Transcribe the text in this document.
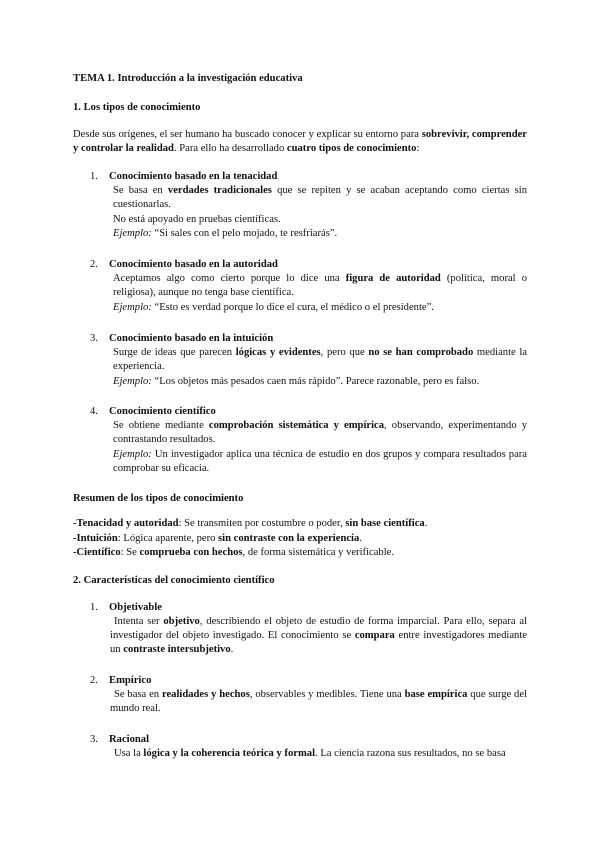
TEMA 1. Introducción a la investigación educativa

1. Los tipos de conocimiento

Desde sus orígenes, el ser humano ha buscado conocer y explicar su entorno para sobrevivir, comprender y controlar la realidad. Para ello ha desarrollado cuatro tipos de conocimiento:

1. Conocimiento basado en la tenacidad
Se basa en verdades tradicionales que se repiten y se acaban aceptando como ciertas sin cuestionarlas.
No está apoyado en pruebas científicas.
Ejemplo: “Si sales con el pelo mojado, te resfriarás”.
2. Conocimiento basado en la autoridad
Aceptamos algo como cierto porque lo dice una figura de autoridad (política, moral o religiosa), aunque no tenga base científica.
Ejemplo: “Esto es verdad porque lo dice el cura, el médico o el presidente”.
3. Conocimiento basado en la intuición
Surge de ideas que parecen lógicas y evidentes, pero que no se han comprobado mediante la experiencia.
Ejemplo: “Los objetos más pesados caen más rápido”. Parece razonable, pero es falso.
4. Conocimiento científico
Se obtiene mediante comprobación sistemática y empírica, observando, experimentando y contrastando resultados.
Ejemplo: Un investigador aplica una técnica de estudio en dos grupos y compara resultados para comprobar su eficacia.

Resumen de los tipos de conocimiento

-Tenacidad y autoridad: Se transmiten por costumbre o poder, sin base científica.
-Intuición: Lógica aparente, pero sin contraste con la experiencia.
-Científico: Se comprueba con hechos, de forma sistemática y verificable.

2. Características del conocimiento científico

1. Objetivable
Intenta ser objetivo, describiendo el objeto de estudio de forma imparcial. Para ello, separa al investigador del objeto investigado. El conocimiento se compara entre investigadores mediante un contraste intersubjetivo.
2. Empírico
Se basa en realidades y hechos, observables y medibles. Tiene una base empírica que surge del mundo real.
3. Racional
Usa la lógica y la coherencia teórica y formal. La ciencia razona sus resultados, no se basa
